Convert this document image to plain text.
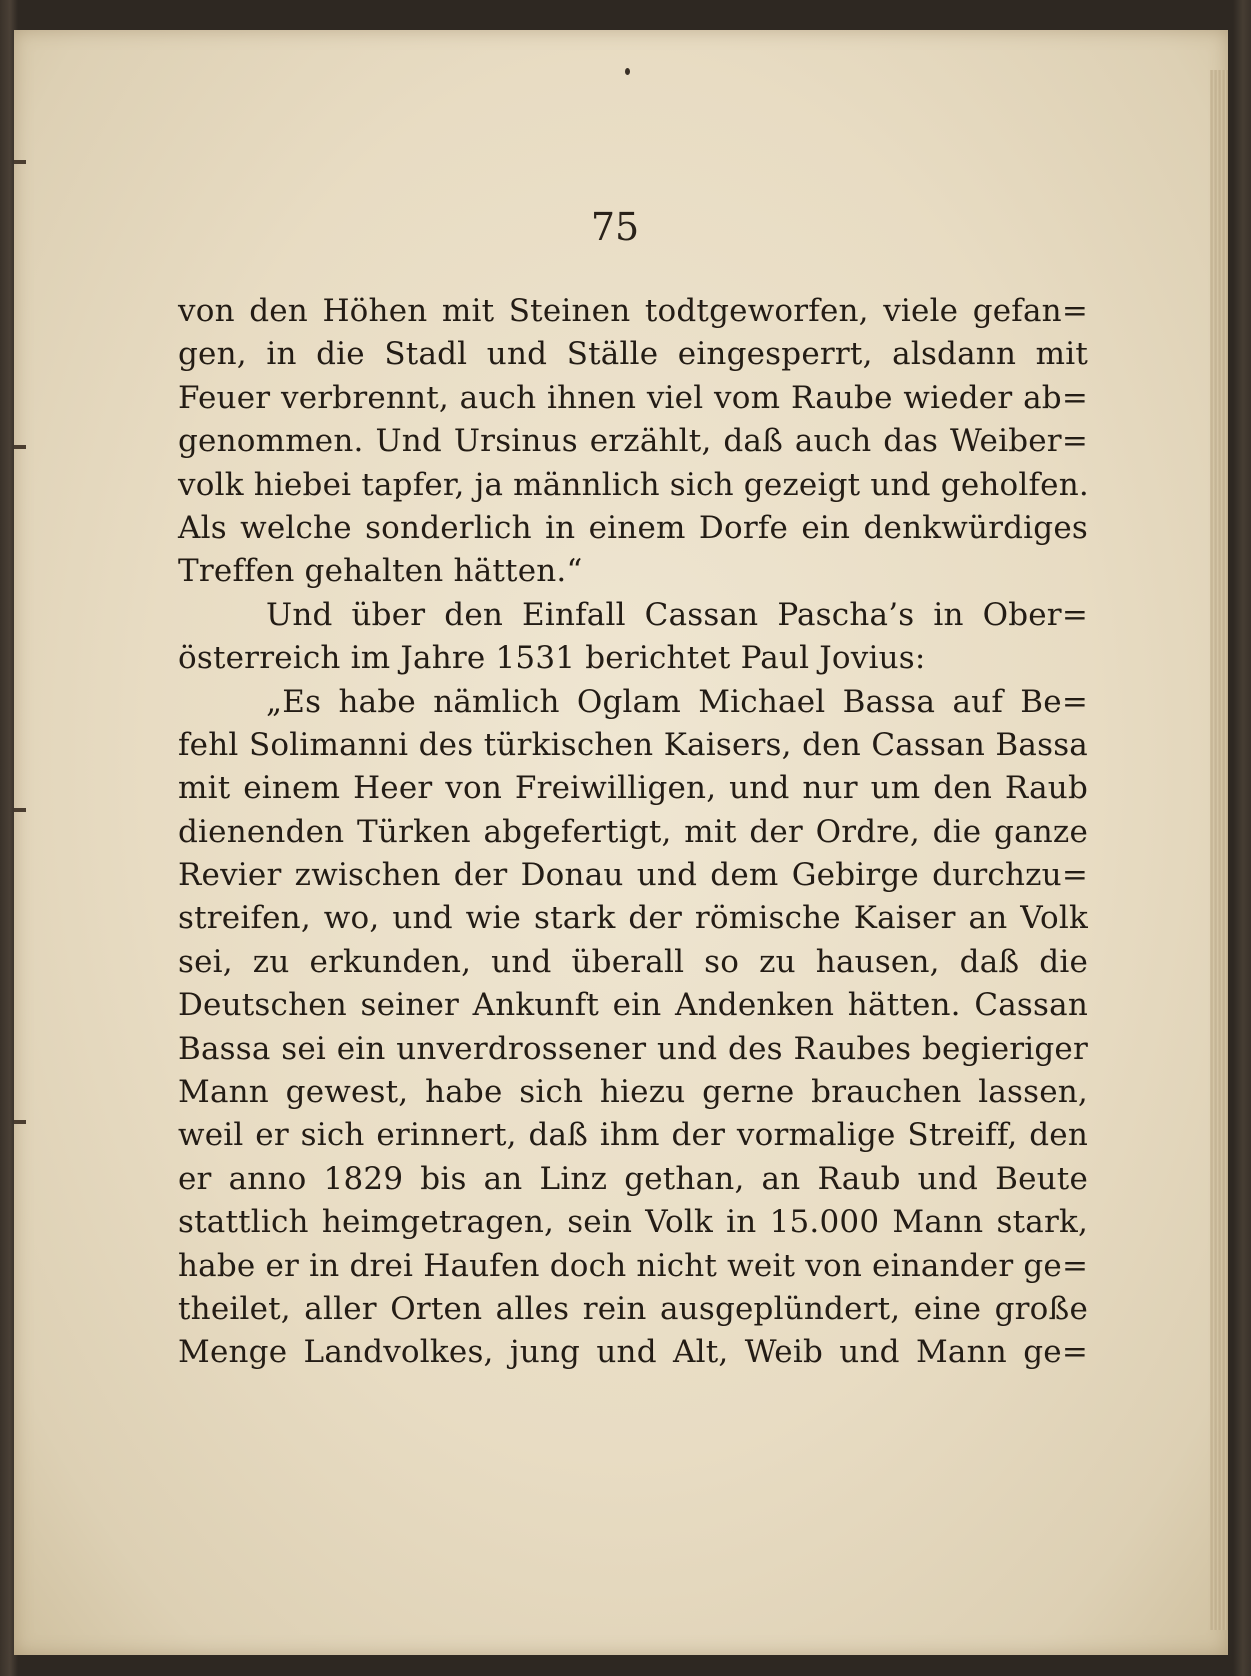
75
von den Höhen mit Steinen todtgeworfen, viele gefan=
gen, in die Stadl und Ställe eingesperrt, alsdann mit
Feuer verbrennt, auch ihnen viel vom Raube wieder ab=
genommen. Und Ursinus erzählt, daß auch das Weiber=
volk hiebei tapfer, ja männlich sich gezeigt und geholfen.
Als welche sonderlich in einem Dorfe ein denkwürdiges
Treffen gehalten hätten.“
Und über den Einfall Cassan Pascha’s in Ober=
österreich im Jahre 1531 berichtet Paul Jovius:
„Es habe nämlich Oglam Michael Bassa auf Be=
fehl Solimanni des türkischen Kaisers, den Cassan Bassa
mit einem Heer von Freiwilligen, und nur um den Raub
dienenden Türken abgefertigt, mit der Ordre, die ganze
Revier zwischen der Donau und dem Gebirge durchzu=
streifen, wo, und wie stark der römische Kaiser an Volk
sei, zu erkunden, und überall so zu hausen, daß die
Deutschen seiner Ankunft ein Andenken hätten. Cassan
Bassa sei ein unverdrossener und des Raubes begieriger
Mann gewest, habe sich hiezu gerne brauchen lassen,
weil er sich erinnert, daß ihm der vormalige Streiff, den
er anno 1829 bis an Linz gethan, an Raub und Beute
stattlich heimgetragen, sein Volk in 15.000 Mann stark,
habe er in drei Haufen doch nicht weit von einander ge=
theilet, aller Orten alles rein ausgeplündert, eine große
Menge Landvolkes, jung und Alt, Weib und Mann ge=
